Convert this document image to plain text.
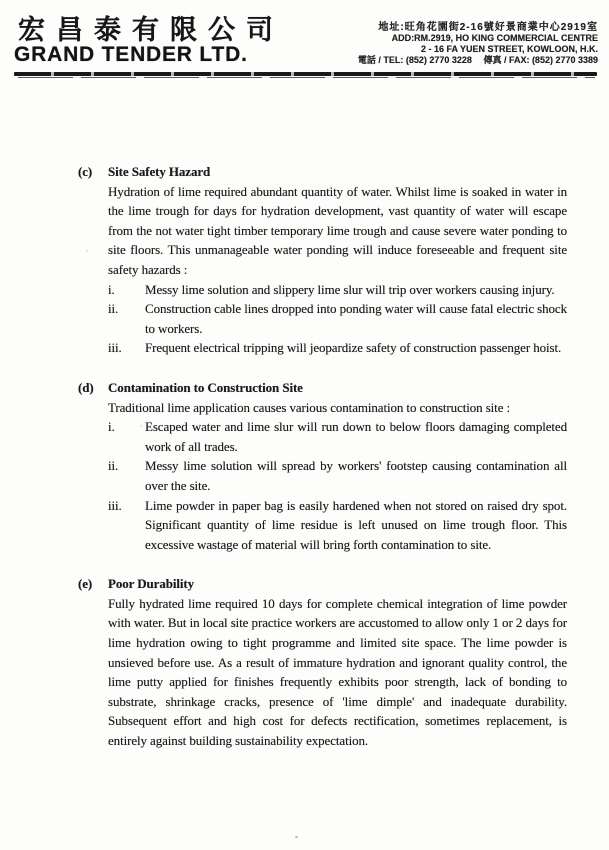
宏昌泰有限公司
GRAND TENDER LTD.
地址:旺角花園街2-16號好景商業中心2919室
ADD:RM.2919, HO KING COMMERCIAL CENTRE
2 - 16 FA YUEN STREET, KOWLOON, H.K.
電話 / TEL: (852) 2770 3228 傳真 / FAX: (852) 2770 3389
(c)	Site Safety Hazard

Hydration of lime required abundant quantity of water. Whilst lime is soaked in water in the lime trough for days for hydration development, vast quantity of water will escape from the not water tight timber temporary lime trough and cause severe water ponding to site floors. This unmanageable water ponding will induce foreseeable and frequent site safety hazards :

i.	Messy lime solution and slippery lime slur will trip over workers causing injury.
ii.	Construction cable lines dropped into ponding water will cause fatal electric shock to workers.
iii.	Frequent electrical tripping will jeopardize safety of construction passenger hoist.
(d)	Contamination to Construction Site

Traditional lime application causes various contamination to construction site :

i.	Escaped water and lime slur will run down to below floors damaging completed work of all trades.
ii.	Messy lime solution will spread by workers' footstep causing contamination all over the site.
iii.	Lime powder in paper bag is easily hardened when not stored on raised dry spot. Significant quantity of lime residue is left unused on lime trough floor. This excessive wastage of material will bring forth contamination to site.
(e)	Poor Durability

Fully hydrated lime required 10 days for complete chemical integration of lime powder with water. But in local site practice workers are accustomed to allow only 1 or 2 days for lime hydration owing to tight programme and limited site space. The lime powder is unsieved before use. As a result of immature hydration and ignorant quality control, the lime putty applied for finishes frequently exhibits poor strength, lack of bonding to substrate, shrinkage cracks, presence of 'lime dimple' and inadequate durability. Subsequent effort and high cost for defects rectification, sometimes replacement, is entirely against building sustainability expectation.
